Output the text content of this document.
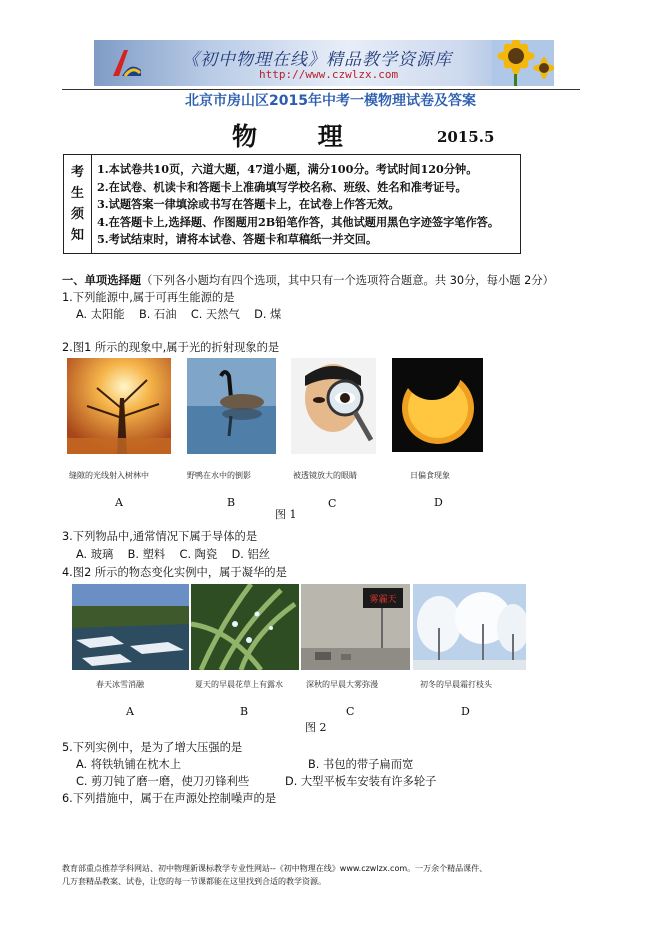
《初中物理在线》精品教学资源库
http://www.czwlzx.com
北京市房山区2015年中考一模物理试卷及答案
物 理	2015.5
考
生
须
知
1.本试卷共10页，六道大题，47道小题，满分100分。考试时间120分钟。
2.在试卷、机读卡和答题卡上准确填写学校名称、班级、姓名和准考证号。
3.试题答案一律填涂或书写在答题卡上，在试卷上作答无效。
4.在答题卡上,选择题、作图题用2B铅笔作答，其他试题用黑色字迹签字笔作答。
5.考试结束时，请将本试卷、答题卡和草稿纸一并交回。
一、单项选择题（下列各小题均有四个选项，其中只有一个选项符合题意。共 30分，每小题 2分）
1.下列能源中,属于可再生能源的是
A. 太阳能    B. 石油    C. 天然气    D. 煤
2.图1 所示的现象中,属于光的折射现象的是
缝隙的光线射入树林中	野鸭在水中的倒影	被透镜放大的眼睛	日偏食现象
A	B	C	D
图 1
3.下列物品中,通常情况下属于导体的是
A. 玻璃    B. 塑料    C. 陶瓷    D. 铝丝
4.图2 所示的物态变化实例中，属于凝华的是
雾霾天
春天冰雪消融	夏天的早晨花草上有露水	深秋的早晨大雾弥漫	初冬的早晨霜打枝头
A	B	C	D
图 2
5.下列实例中，是为了增大压强的是
A. 将铁轨铺在枕木上	B. 书包的带子扁而宽
C. 剪刀钝了磨一磨，使刀刃锋利些	D. 大型平板车安装有许多轮子
6.下列措施中，属于在声源处控制噪声的是
教育部重点推荐学科网站、初中物理新课标教学专业性网站--《初中物理在线》www.czwlzx.com。一万余个精品课件、
几万套精品教案、试卷，让您的每一节课都能在这里找到合适的教学资源。
